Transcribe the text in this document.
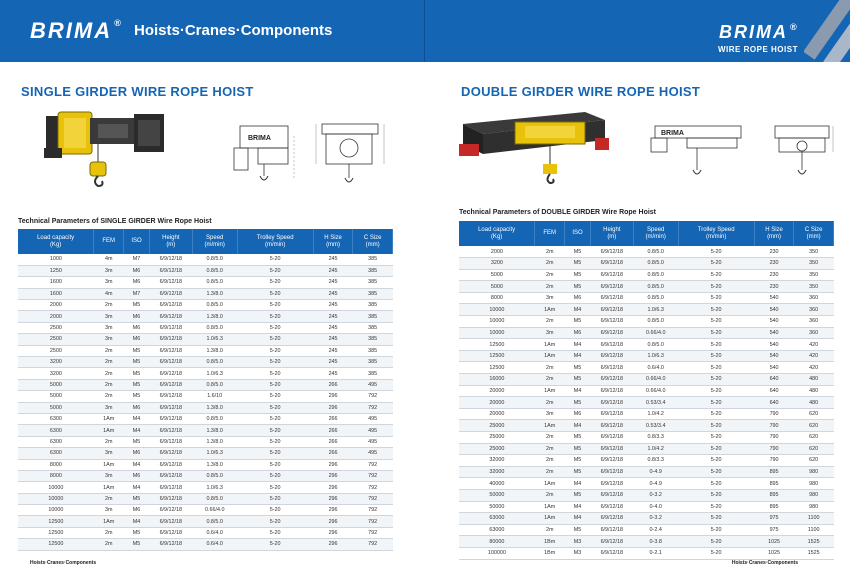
BRIMA ® Hoists·Cranes·Components
SINGLE GIRDER WIRE ROPE HOIST
BRIMA
Technical Parameters of SINGLE GIRDER Wire Rope Hoist
Load capacity
(Kg)	FEM	ISO	Height
(m)	Speed
(m/min)	Trolley Speed
(m/min)	H Size
(mm)	C Size
(mm)
1000	4m	M7	6/9/12/18	0.8/5.0	5-20	245	385
1250	3m	M6	6/9/12/18	0.8/5.0	5-20	245	385
1600	3m	M6	6/9/12/18	0.8/5.0	5-20	245	385
1600	4m	M7	6/9/12/18	1.3/8.0	5-20	245	385
2000	2m	M5	6/9/12/18	0.8/5.0	5-20	245	385
2000	3m	M6	6/9/12/18	1.3/8.0	5-20	245	385
2500	3m	M6	6/9/12/18	0.8/5.0	5-20	245	385
2500	3m	M6	6/9/12/18	1.0/6.3	5-20	245	385
2500	2m	M5	6/9/12/18	1.3/8.0	5-20	245	385
3200	2m	M5	6/9/12/18	0.8/5.0	5-20	245	385
3200	2m	M5	6/9/12/18	1.0/6.3	5-20	245	385
5000	2m	M5	6/9/12/18	0.8/5.0	5-20	266	495
5000	2m	M5	6/9/12/18	1.6/10	5-20	296	792
5000	3m	M6	6/9/12/18	1.3/8.0	5-20	296	792
6300	1Am	M4	6/9/12/18	0.8/5.0	5-20	266	495
6300	1Am	M4	6/9/12/18	1.3/8.0	5-20	266	495
6300	2m	M5	6/9/12/18	1.3/8.0	5-20	266	495
6300	3m	M6	6/9/12/18	1.0/6.3	5-20	266	495
8000	1Am	M4	6/9/12/18	1.3/8.0	5-20	296	792
8000	3m	M6	6/9/12/18	0.8/5.0	5-20	296	792
10000	1Am	M4	6/9/12/18	1.0/6.3	5-20	296	792
10000	2m	M5	6/9/12/18	0.8/5.0	5-20	296	792
10000	3m	M6	6/9/12/18	0.66/4.0	5-20	296	792
12500	1Am	M4	6/9/12/18	0.8/5.0	5-20	296	792
12500	2m	M5	6/9/12/18	0.6/4.0	5-20	296	792
12500	2m	M5	6/9/12/18	0.6/4.0	5-20	296	792
Hoists·Cranes·Components
BRIMA ®
WIRE ROPE HOIST
DOUBLE GIRDER WIRE ROPE HOIST
BRIMA
Technical Parameters of DOUBLE GIRDER Wire Rope Hoist
Load capacity
(Kg)	FEM	ISO	Height
(m)	Speed
(m/min)	Trolley Speed
(m/min)	H Size
(mm)	C Size
(mm)
2000	2m	M5	6/9/12/18	0.8/5.0	5-20	230	350
3200	2m	M5	6/9/12/18	0.8/5.0	5-20	230	350
5000	2m	M5	6/9/12/18	0.8/5.0	5-20	230	350
5000	2m	M5	6/9/12/18	0.8/5.0	5-20	230	350
8000	3m	M6	6/9/12/18	0.8/5.0	5-20	540	360
10000	1Am	M4	6/9/12/18	1.0/6.3	5-20	540	360
10000	2m	M5	6/9/12/18	0.8/5.0	5-20	540	360
10000	3m	M6	6/9/12/18	0.66/4.0	5-20	540	360
12500	1Am	M4	6/9/12/18	0.8/5.0	5-20	540	420
12500	1Am	M4	6/9/12/18	1.0/6.3	5-20	540	420
12500	2m	M5	6/9/12/18	0.6/4.0	5-20	540	420
16000	2m	M5	6/9/12/18	0.66/4.0	5-20	640	480
20000	1Am	M4	6/9/12/18	0.66/4.0	5-20	640	480
20000	2m	M5	6/9/12/18	0.53/3.4	5-20	640	480
20000	3m	M6	6/9/12/18	1.0/4.2	5-20	790	620
25000	1Am	M4	6/9/12/18	0.53/3.4	5-20	790	620
25000	2m	M5	6/9/12/18	0.8/3.3	5-20	790	620
25000	2m	M5	6/9/12/18	1.0/4.2	5-20	790	620
32000	2m	M5	6/9/12/18	0.8/3.3	5-20	790	620
32000	2m	M5	6/9/12/18	0-4.9	5-20	895	980
40000	1Am	M4	6/9/12/18	0-4.9	5-20	895	980
50000	2m	M5	6/9/12/18	0-3.2	5-20	895	980
50000	1Am	M4	6/9/12/18	0-4.0	5-20	895	980
63000	1Am	M4	6/9/12/18	0-3.2	5-20	975	1100
63000	2m	M5	6/9/12/18	0-2.4	5-20	975	1100
80000	1Bm	M3	6/9/12/18	0-3.8	5-20	1025	1525
100000	1Bm	M3	6/9/12/18	0-2.1	5-20	1025	1525
Hoists·Cranes·Components
